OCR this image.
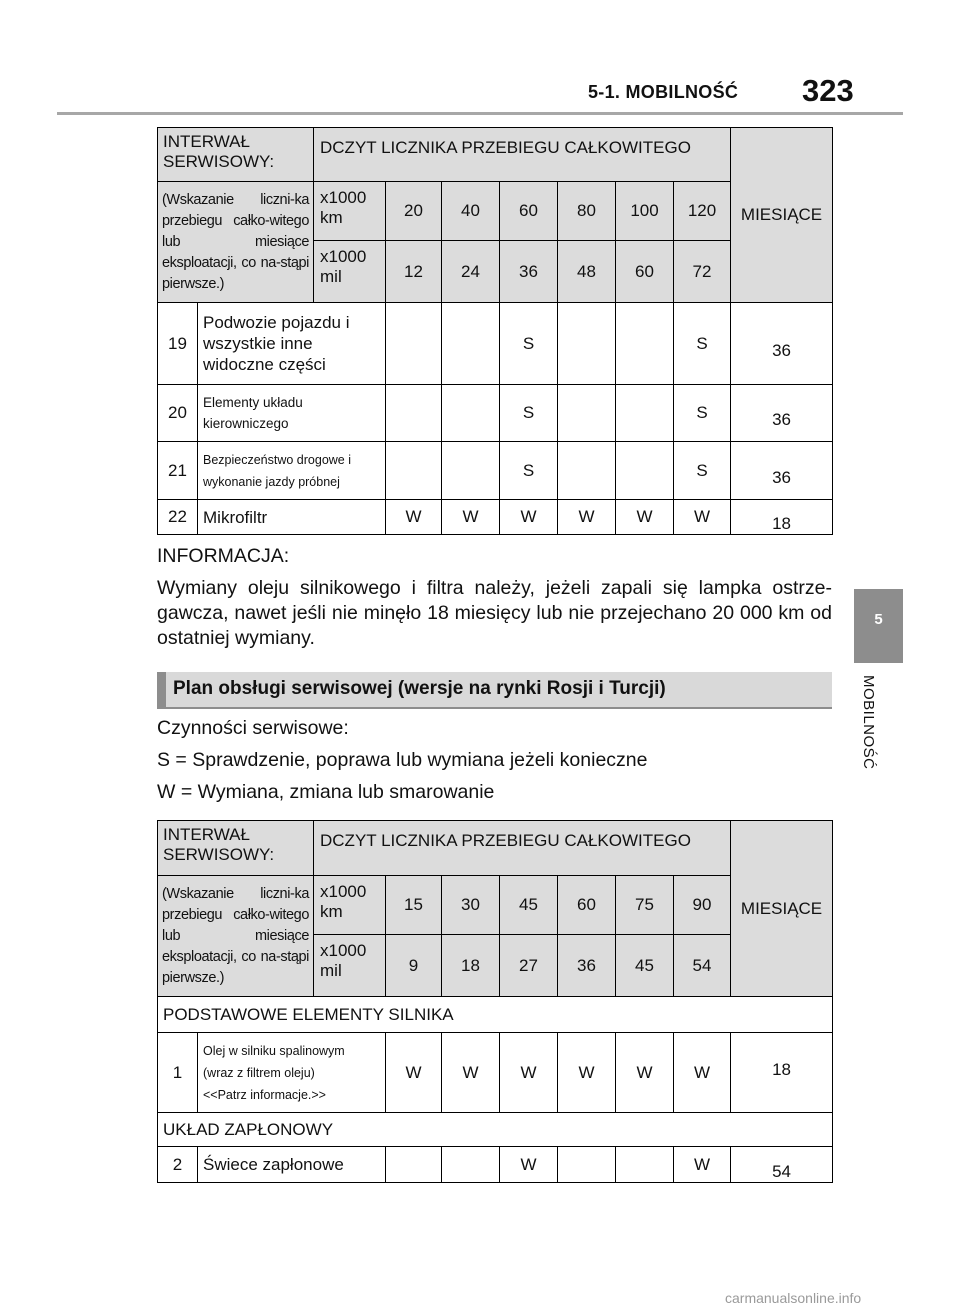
5-1. MOBILNOŚĆ 323
5
MOBILNOŚĆ
INTERWAŁ SERWISOWY:		DCZYT LICZNIKA PRZEBIEGU CAŁKOWITEGO							MIESIĄCE
(Wskazanie liczni-ka przebiegu całko-witego lub miesiące eksploatacji, co na-stąpi pierwsze.)		x1000 km	20	40	60	80	100	120	
		x1000 mil	12	24	36	48	60	72	
19	Podwozie pojazdu i wszystkie inne widoczne części				S			S	36
20	Elementy układu kierowniczego				S			S	36
21	Bezpieczeństwo drogowe i wykonanie jazdy próbnej				S			S	36
22	Mikrofiltr		W	W	W	W	W	W	18
INFORMACJA:
Wymiany oleju silnikowego i filtra należy, jeżeli zapali się lampka ostrze-gawcza, nawet jeśli nie minęło 18 miesięcy lub nie przejechano 20 000 km od ostatniej wymiany.
Plan obsługi serwisowej (wersje na rynki Rosji i Turcji)
Czynności serwisowe:
S = Sprawdzenie, poprawa lub wymiana jeżeli konieczne
W = Wymiana, zmiana lub smarowanie
INTERWAŁ SERWISOWY:		DCZYT LICZNIKA PRZEBIEGU CAŁKOWITEGO							MIESIĄCE
(Wskazanie liczni-ka przebiegu całko-witego lub miesiące eksploatacji, co na-stąpi pierwsze.)		x1000 km	15	30	45	60	75	90	
		x1000 mil	9	18	27	36	45	54	
PODSTAWOWE ELEMENTY SILNIKA									
1	Olej w silniku spalinowym
(wraz z filtrem oleju)
<<Patrz informacje.>>		W	W	W	W	W	W	18
UKŁAD ZAPŁONOWY									
2	Świece zapłonowe				W			W	54
carmanualsonline.info
